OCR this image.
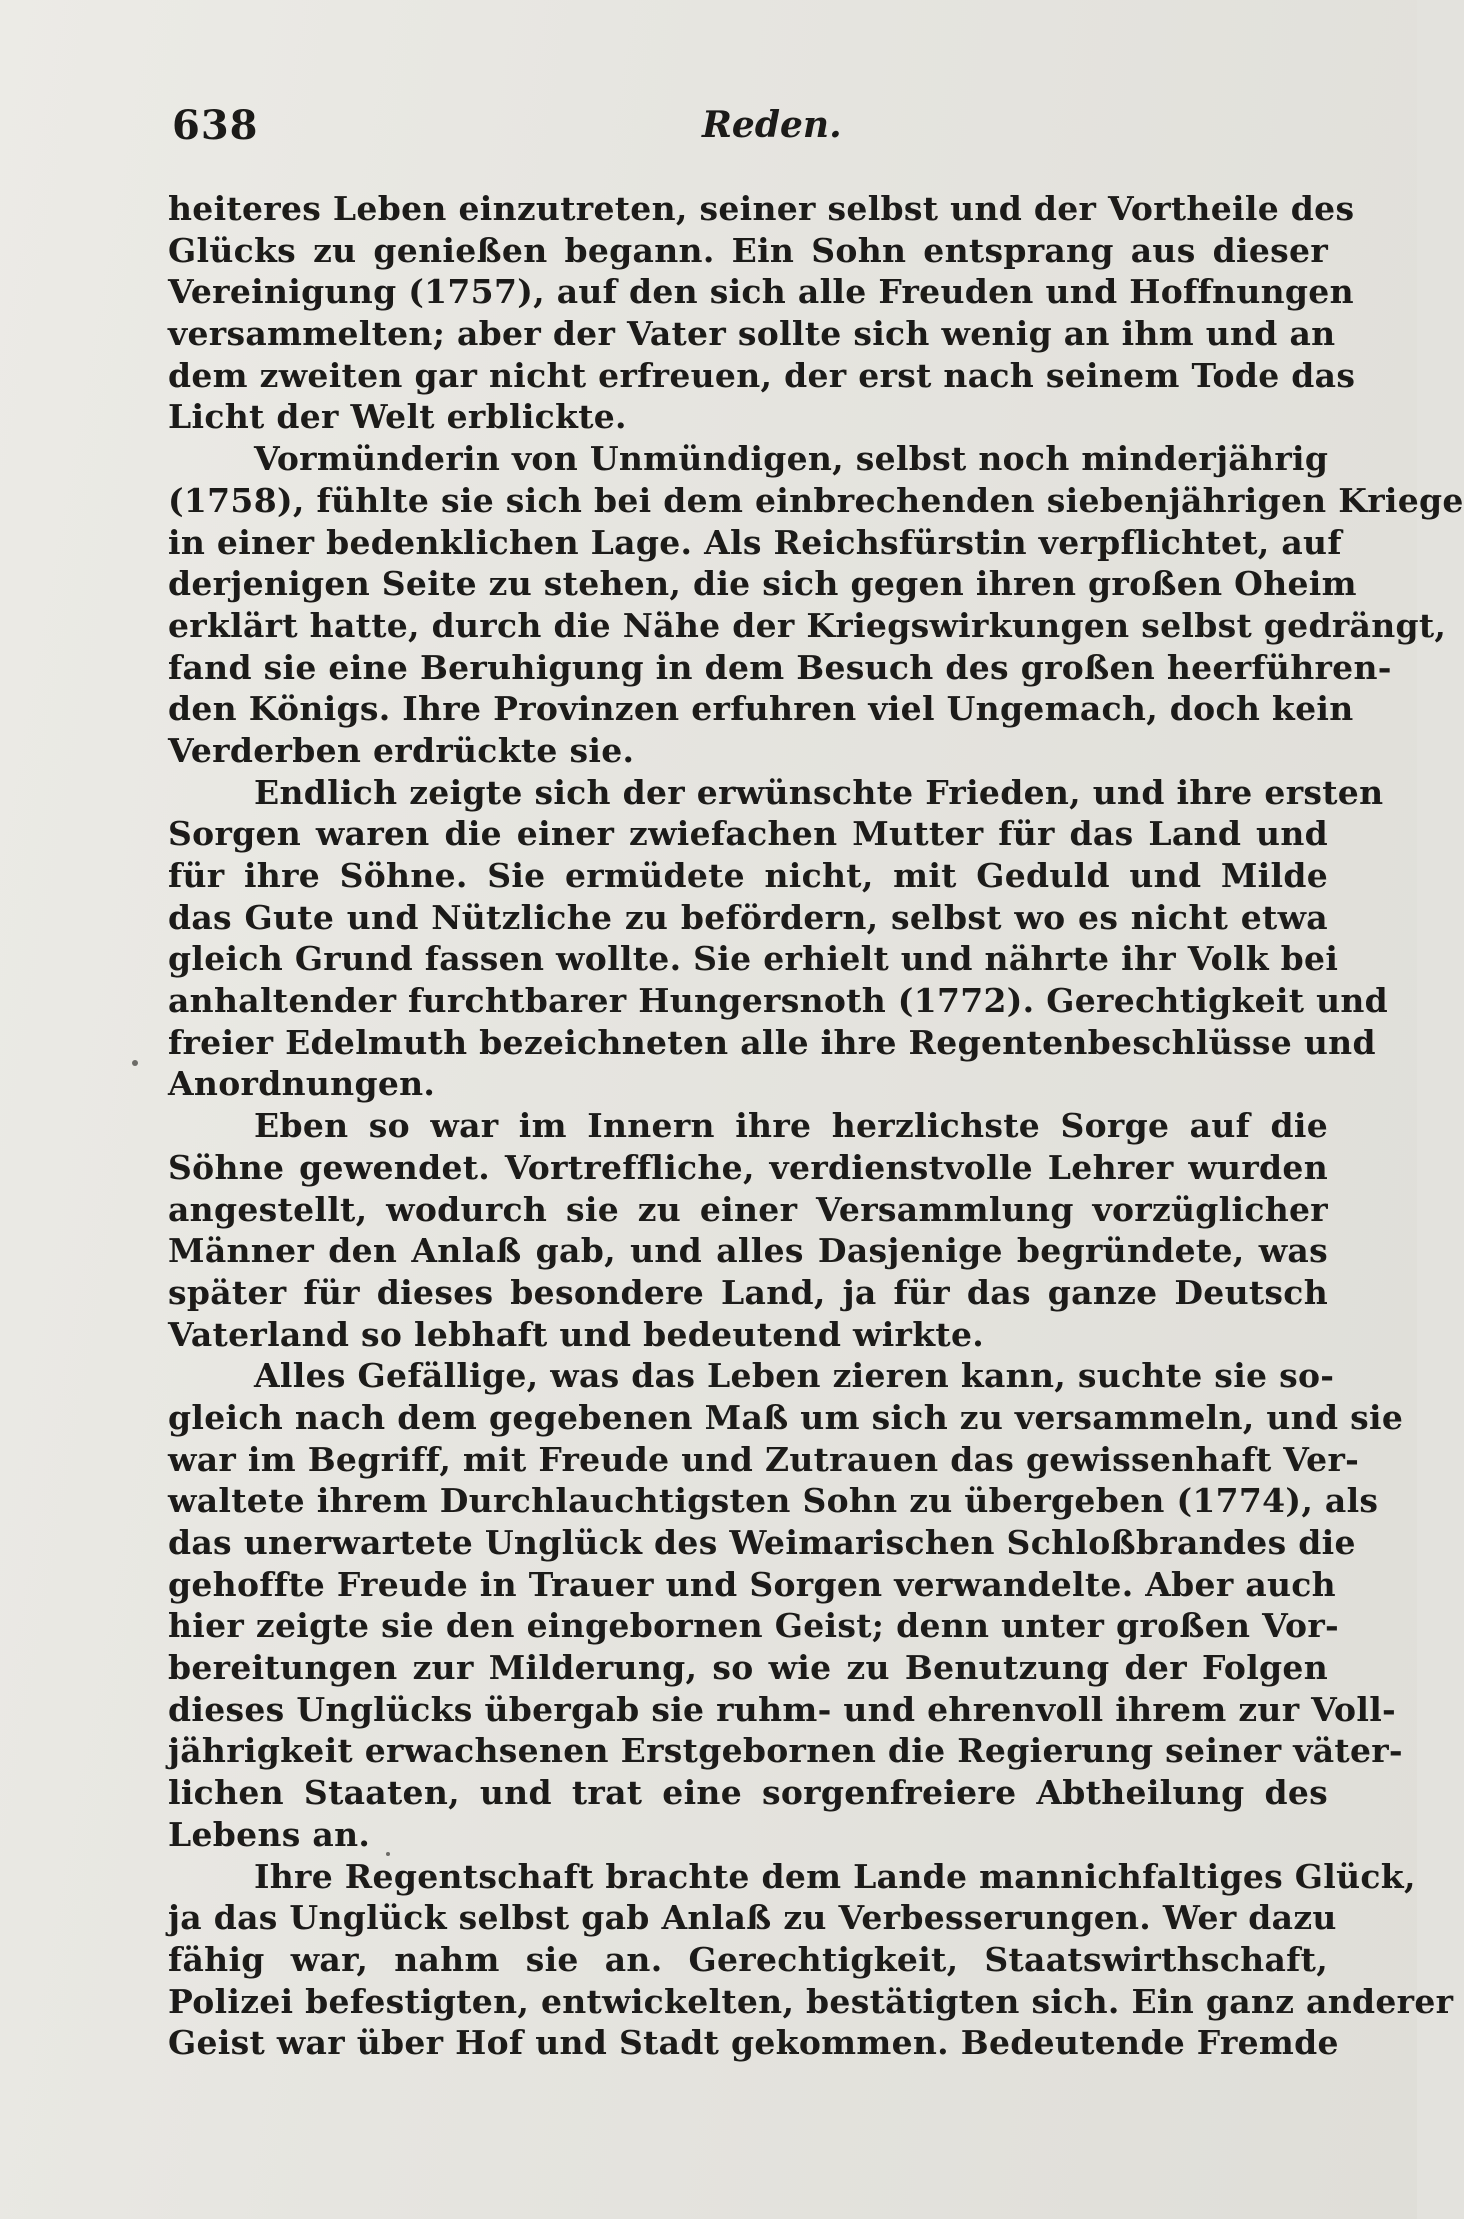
638	Reden.
heiteres Leben einzutreten, seiner selbst und der Vortheile des
Glücks zu genießen begann. Ein Sohn entsprang aus dieser
Vereinigung (1757), auf den sich alle Freuden und Hoffnungen
versammelten; aber der Vater sollte sich wenig an ihm und an
dem zweiten gar nicht erfreuen, der erst nach seinem Tode das
Licht der Welt erblickte.
Vormünderin von Unmündigen, selbst noch minderjährig
(1758), fühlte sie sich bei dem einbrechenden siebenjährigen Kriege
in einer bedenklichen Lage. Als Reichsfürstin verpflichtet, auf
derjenigen Seite zu stehen, die sich gegen ihren großen Oheim
erklärt hatte, durch die Nähe der Kriegswirkungen selbst gedrängt,
fand sie eine Beruhigung in dem Besuch des großen heerführen-
den Königs. Ihre Provinzen erfuhren viel Ungemach, doch kein
Verderben erdrückte sie.
Endlich zeigte sich der erwünschte Frieden, und ihre ersten
Sorgen waren die einer zwiefachen Mutter für das Land und
für ihre Söhne. Sie ermüdete nicht, mit Geduld und Milde
das Gute und Nützliche zu befördern, selbst wo es nicht etwa
gleich Grund fassen wollte. Sie erhielt und nährte ihr Volk bei
anhaltender furchtbarer Hungersnoth (1772). Gerechtigkeit und
freier Edelmuth bezeichneten alle ihre Regentenbeschlüsse und
Anordnungen.
Eben so war im Innern ihre herzlichste Sorge auf die
Söhne gewendet. Vortreffliche, verdienstvolle Lehrer wurden
angestellt, wodurch sie zu einer Versammlung vorzüglicher
Männer den Anlaß gab, und alles Dasjenige begründete, was
später für dieses besondere Land, ja für das ganze Deutsch
Vaterland so lebhaft und bedeutend wirkte.
Alles Gefällige, was das Leben zieren kann, suchte sie so-
gleich nach dem gegebenen Maß um sich zu versammeln, und sie
war im Begriff, mit Freude und Zutrauen das gewissenhaft Ver-
waltete ihrem Durchlauchtigsten Sohn zu übergeben (1774), als
das unerwartete Unglück des Weimarischen Schloßbrandes die
gehoffte Freude in Trauer und Sorgen verwandelte. Aber auch
hier zeigte sie den eingebornen Geist; denn unter großen Vor-
bereitungen zur Milderung, so wie zu Benutzung der Folgen
dieses Unglücks übergab sie ruhm- und ehrenvoll ihrem zur Voll-
jährigkeit erwachsenen Erstgebornen die Regierung seiner väter-
lichen Staaten, und trat eine sorgenfreiere Abtheilung des
Lebens an.
Ihre Regentschaft brachte dem Lande mannichfaltiges Glück,
ja das Unglück selbst gab Anlaß zu Verbesserungen. Wer dazu
fähig war, nahm sie an. Gerechtigkeit, Staatswirthschaft,
Polizei befestigten, entwickelten, bestätigten sich. Ein ganz anderer
Geist war über Hof und Stadt gekommen. Bedeutende Fremde
